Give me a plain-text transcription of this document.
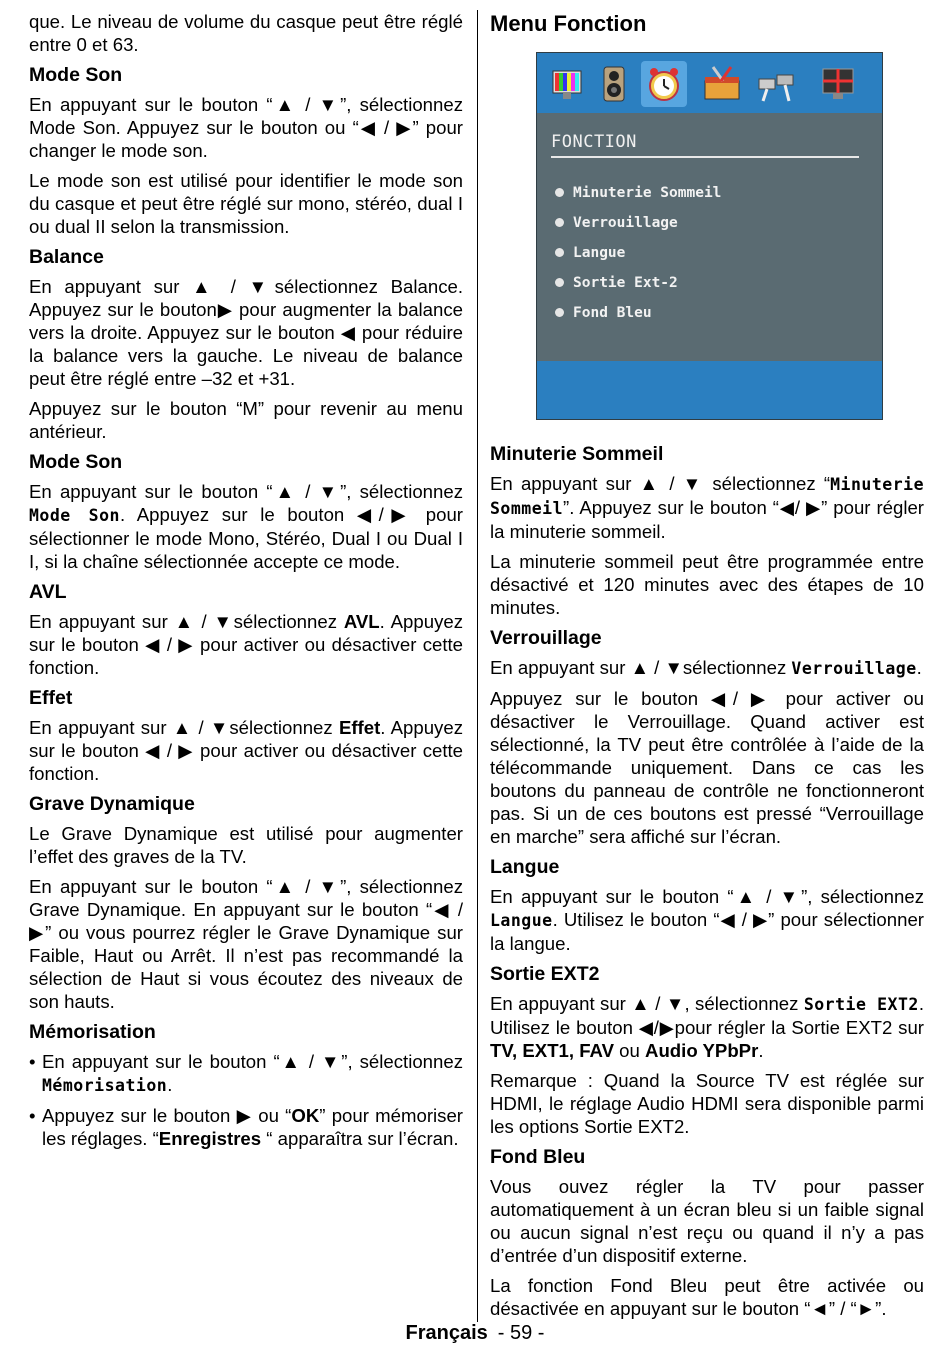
que. Le niveau de volume du casque peut être réglé entre 0 et 63.

Mode Son

En appuyant sur le bouton “▲ / ▼”, sélectionnez Mode Son. Appuyez sur le bouton ou “◀ / ▶” pour changer le mode son.

Le mode son est utilisé pour identifier le mode son du casque et peut être réglé sur mono, stéréo, dual I ou dual II selon la transmission.

Balance

En appuyant sur ▲ / ▼sélectionnez Balance. Appuyez sur le bouton▶ pour augmenter la balance vers la droite. Appuyez sur le bouton ◀ pour réduire la balance vers la gauche. Le niveau de balance peut être réglé entre –32 et +31.

Appuyez sur le bouton “M” pour revenir au menu antérieur.

Mode Son

En appuyant sur le bouton “▲ / ▼”, sélectionnez Mode Son. Appuyez sur le bouton ◀/▶ pour sélectionner le mode Mono, Stéréo, Dual I ou Dual I I, si la chaîne sélectionnée accepte ce mode.

AVL

En appuyant sur ▲ / ▼sélectionnez AVL. Appuyez sur le bouton ◀ / ▶ pour activer ou désactiver cette fonction.

Effet

En appuyant sur ▲ / ▼sélectionnez Effet. Appuyez sur le bouton ◀ / ▶ pour activer ou désactiver cette fonction.

Grave Dynamique

Le Grave Dynamique est utilisé pour augmenter l’effet des graves de la TV.

En appuyant sur le bouton “▲ / ▼”, sélectionnez Grave Dynamique. En appuyant sur le bouton “◀ / ▶” ou vous pourrez régler le Grave Dynamique sur Faible, Haut ou Arrêt. Il n’est pas recommandé la sélection de Haut si vous écoutez des niveaux de son hauts.

Mémorisation

• En appuyant sur le bouton “▲ / ▼”, sélectionnez Mémorisation.

• Appuyez sur le bouton ▶ ou “OK” pour mémoriser les réglages. “Enregistres “ apparaîtra sur l’écran.

Menu Fonction
FONCTION
Minuterie Sommeil
Verrouillage
Langue
Sortie Ext-2
Fond Bleu
Minuterie Sommeil

En appuyant sur ▲ / ▼ sélectionnez “Minuterie Sommeil”. Appuyez sur le bouton “◀/ ▶” pour régler la minuterie sommeil.

La minuterie sommeil peut être programmée entre désactivé et 120 minutes avec des étapes de 10 minutes.

Verrouillage

En appuyant sur ▲ / ▼sélectionnez Verrouillage.

Appuyez sur le bouton ◀/ ▶ pour activer ou désactiver le Verrouillage. Quand activer est sélectionné, la TV peut être contrôlée à l’aide de la télécommande uniquement. Dans ce cas les boutons du panneau de contrôle ne fonctionneront pas. Si un de ces boutons est pressé “Verrouillage en marche” sera affiché sur l’écran.

Langue

En appuyant sur le bouton “▲ / ▼”, sélectionnez Langue. Utilisez le bouton “◀ / ▶” pour sélectionner la langue.

Sortie EXT2

En appuyant sur ▲ / ▼, sélectionnez Sortie EXT2. Utilisez le bouton ◀/▶pour régler la Sortie EXT2 sur TV, EXT1, FAV ou Audio YPbPr.

Remarque : Quand la Source TV est réglée sur HDMI, le réglage Audio HDMI sera disponible parmi les options Sortie EXT2.

Fond Bleu

Vous ouvez régler la TV pour passer automatiquement à un écran bleu si un faible signal ou aucun signal n’est reçu ou quand il n’y a pas d’entrée d’un dispositif externe.

La fonction Fond Bleu peut être activée ou désactivée en appuyant sur le bouton “◄” / “►”.

Français - 59 -
